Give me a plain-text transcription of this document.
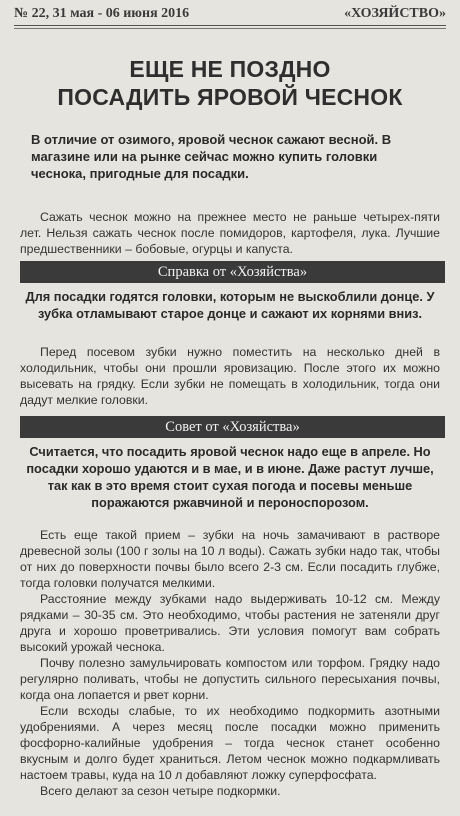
№ 22, 31 мая - 06 июня 2016	«ХОЗЯЙСТВО»
ЕЩЕ НЕ ПОЗДНО
ПОСАДИТЬ ЯРОВОЙ ЧЕСНОК

В отличие от озимого, яровой чеснок сажают весной. В магазине или на рынке сейчас можно купить головки чеснока, пригодные для посадки.

Сажать чеснок можно на прежнее место не раньше четырех-пяти лет. Нельзя сажать чеснок после помидоров, картофеля, лука. Лучшие предшественники – бобовые, огурцы и капуста.

Справка от «Хозяйства»

Для посадки годятся головки, которым не выскоблили донце. У зубка отламывают старое донце и сажают их корнями вниз.

Перед посевом зубки нужно поместить на несколько дней в холодильник, чтобы они прошли яровизацию. После этого их можно высевать на грядку. Если зубки не помещать в холодильник, тогда они дадут мелкие головки.

Совет от «Хозяйства»

Считается, что посадить яровой чеснок надо еще в апреле. Но посадки хорошо удаются и в мае, и в июне. Даже растут лучше, так как в это время стоит сухая погода и посевы меньше поражаются ржавчиной и пероноспорозом.

Есть еще такой прием – зубки на ночь замачивают в растворе древесной золы (100 г золы на 10 л воды). Сажать зубки надо так, чтобы от них до поверхности почвы было всего 2-3 см. Если посадить глубже, тогда головки получатся мелкими.

Расстояние между зубками надо выдерживать 10-12 см. Между рядками – 30-35 см. Это необходимо, чтобы растения не затеняли друг друга и хорошо проветривались. Эти условия помогут вам собрать высокий урожай чеснока.

Почву полезно замульчировать компостом или торфом. Грядку надо регулярно поливать, чтобы не допустить сильного пересыхания почвы, когда она лопается и рвет корни.

Если всходы слабые, то их необходимо подкормить азотными удобрениями. А через месяц после посадки можно применить фосфорно-калийные удобрения – тогда чеснок станет особенно вкусным и долго будет храниться. Летом чеснок можно подкармливать настоем травы, куда на 10 л добавляют ложку суперфосфата.

Всего делают за сезон четыре подкормки.
